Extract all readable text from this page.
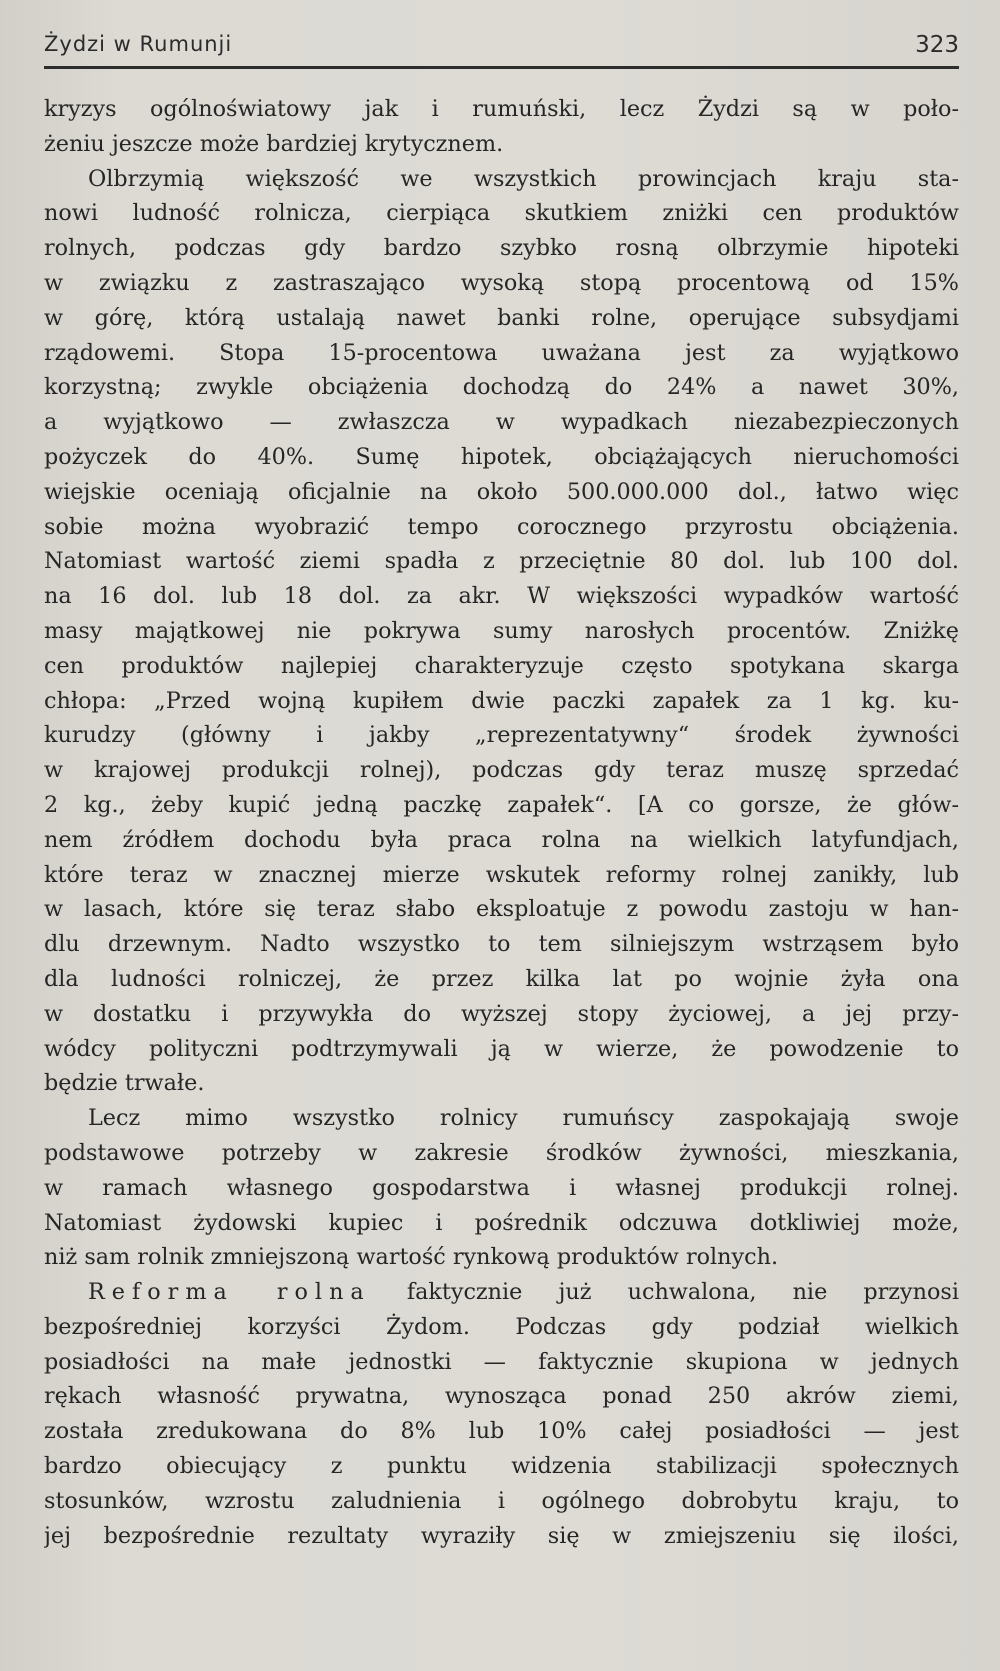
Żydzi w Rumunji	323
kryzys ogólnoświatowy jak i rumuński, lecz Żydzi są w poło-
żeniu jeszcze może bardziej krytycznem.
Olbrzymią większość we wszystkich prowincjach kraju sta-
nowi ludność rolnicza, cierpiąca skutkiem zniżki cen produktów
rolnych, podczas gdy bardzo szybko rosną olbrzymie hipoteki
w związku z zastraszająco wysoką stopą procentową od 15%
w górę, którą ustalają nawet banki rolne, operujące subsydjami
rządowemi. Stopa 15-procentowa uważana jest za wyjątkowo
korzystną; zwykle obciążenia dochodzą do 24% a nawet 30%,
a wyjątkowo — zwłaszcza w wypadkach niezabezpieczonych
pożyczek do 40%. Sumę hipotek, obciążających nieruchomości
wiejskie oceniają oficjalnie na około 500.000.000 dol., łatwo więc
sobie można wyobrazić tempo corocznego przyrostu obciążenia.
Natomiast wartość ziemi spadła z przeciętnie 80 dol. lub 100 dol.
na 16 dol. lub 18 dol. za akr. W większości wypadków wartość
masy majątkowej nie pokrywa sumy narosłych procentów. Zniżkę
cen produktów najlepiej charakteryzuje często spotykana skarga
chłopa: „Przed wojną kupiłem dwie paczki zapałek za 1 kg. ku-
kurudzy (główny i jakby „reprezentatywny“ środek żywności
w krajowej produkcji rolnej), podczas gdy teraz muszę sprzedać
2 kg., żeby kupić jedną paczkę zapałek“. [A co gorsze, że głów-
nem źródłem dochodu była praca rolna na wielkich latyfundjach,
które teraz w znacznej mierze wskutek reformy rolnej zanikły, lub
w lasach, które się teraz słabo eksploatuje z powodu zastoju w han-
dlu drzewnym. Nadto wszystko to tem silniejszym wstrząsem było
dla ludności rolniczej, że przez kilka lat po wojnie żyła ona
w dostatku i przywykła do wyższej stopy życiowej, a jej przy-
wódcy polityczni podtrzymywali ją w wierze, że powodzenie to
będzie trwałe.
Lecz mimo wszystko rolnicy rumuńscy zaspokajają swoje
podstawowe potrzeby w zakresie środków żywności, mieszkania,
w ramach własnego gospodarstwa i własnej produkcji rolnej.
Natomiast żydowski kupiec i pośrednik odczuwa dotkliwiej może,
niż sam rolnik zmniejszoną wartość rynkową produktów rolnych.
Reforma rolna faktycznie już uchwalona, nie przynosi
bezpośredniej korzyści Żydom. Podczas gdy podział wielkich
posiadłości na małe jednostki — faktycznie skupiona w jednych
rękach własność prywatna, wynosząca ponad 250 akrów ziemi,
została zredukowana do 8% lub 10% całej posiadłości — jest
bardzo obiecujący z punktu widzenia stabilizacji społecznych
stosunków, wzrostu zaludnienia i ogólnego dobrobytu kraju, to
jej bezpośrednie rezultaty wyraziły się w zmiejszeniu się ilości,
